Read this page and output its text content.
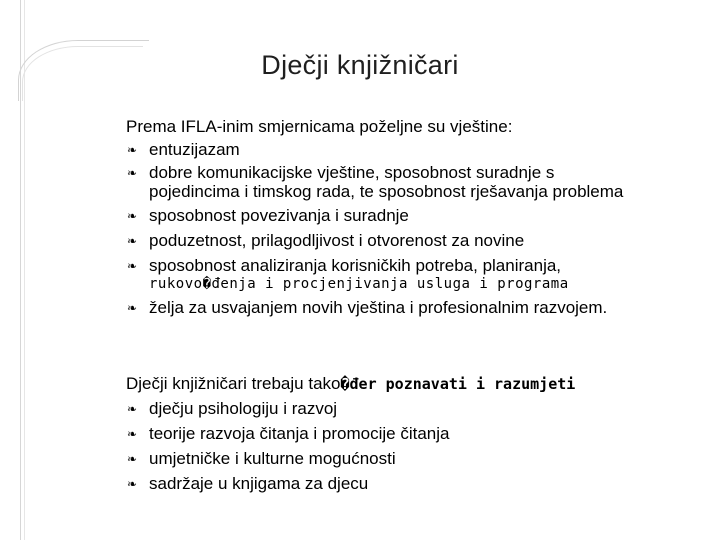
Dječji knjižničari
Prema IFLA-inim smjernicama poželjne su vještine:
❧ entuzijazam
❧ dobre komunikacijske vještine, sposobnost suradnje s pojedincima i timskog rada, te sposobnost rješavanja problema
❧ sposobnost povezivanja i suradnje
❧ poduzetnost, prilagodljivost i otvorenost za novine
❧ sposobnost analiziranja korisničkih potreba, planiranja,
rukovo�đenja i procjenjivanja usluga i programa
❧ želja za usvajanjem novih vještina i profesionalnim razvojem.
Dječji knjižničari trebaju tako�đer poznavati i razumjeti
❧ dječju psihologiju i razvoj
❧ teorije razvoja čitanja i promocije čitanja
❧ umjetničke i kulturne mogućnosti
❧ sadržaje u knjigama za djecu
